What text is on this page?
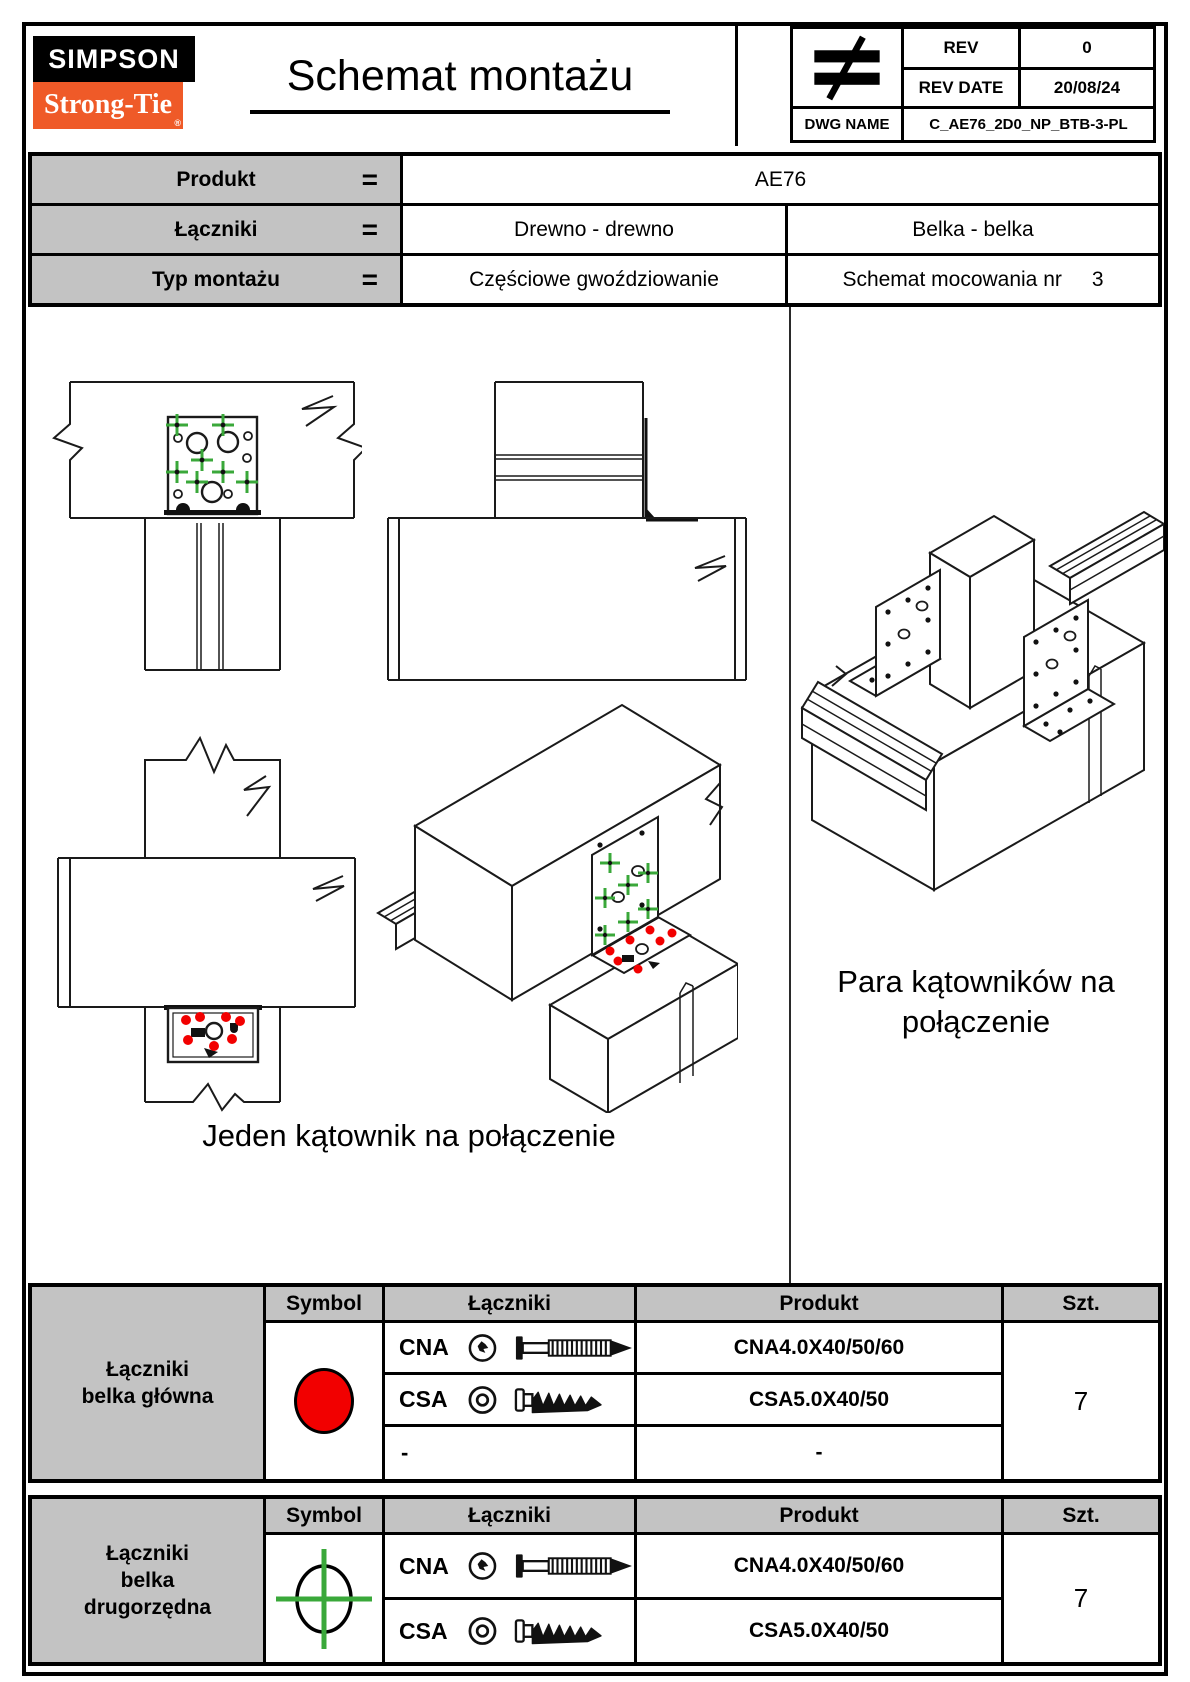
SIMPSON
Strong-Tie
®
Schemat montażu
REV	0
REV DATE	20/08/24
DWG NAME	C_AE76_2D0_NP_BTB-3-PL
Produkt	=	AE76
Łączniki	=	Drewno - drewno	Belka - belka
Typ montażu	=	Częściowe gwoździowanie	Schemat mocowania nr 3
Jeden kątownik na połączenie
Para kątowników na
połączenie
Łączniki
belka główna
Symbol	Łączniki	Produkt	Szt.
CNA	CNA4.0X40/50/60
CSA	CSA5.0X40/50
-	-
7
Łączniki
belka
drugorzędna
Symbol	Łączniki	Produkt	Szt.
CNA	CNA4.0X40/50/60
CSA	CSA5.0X40/50
7
